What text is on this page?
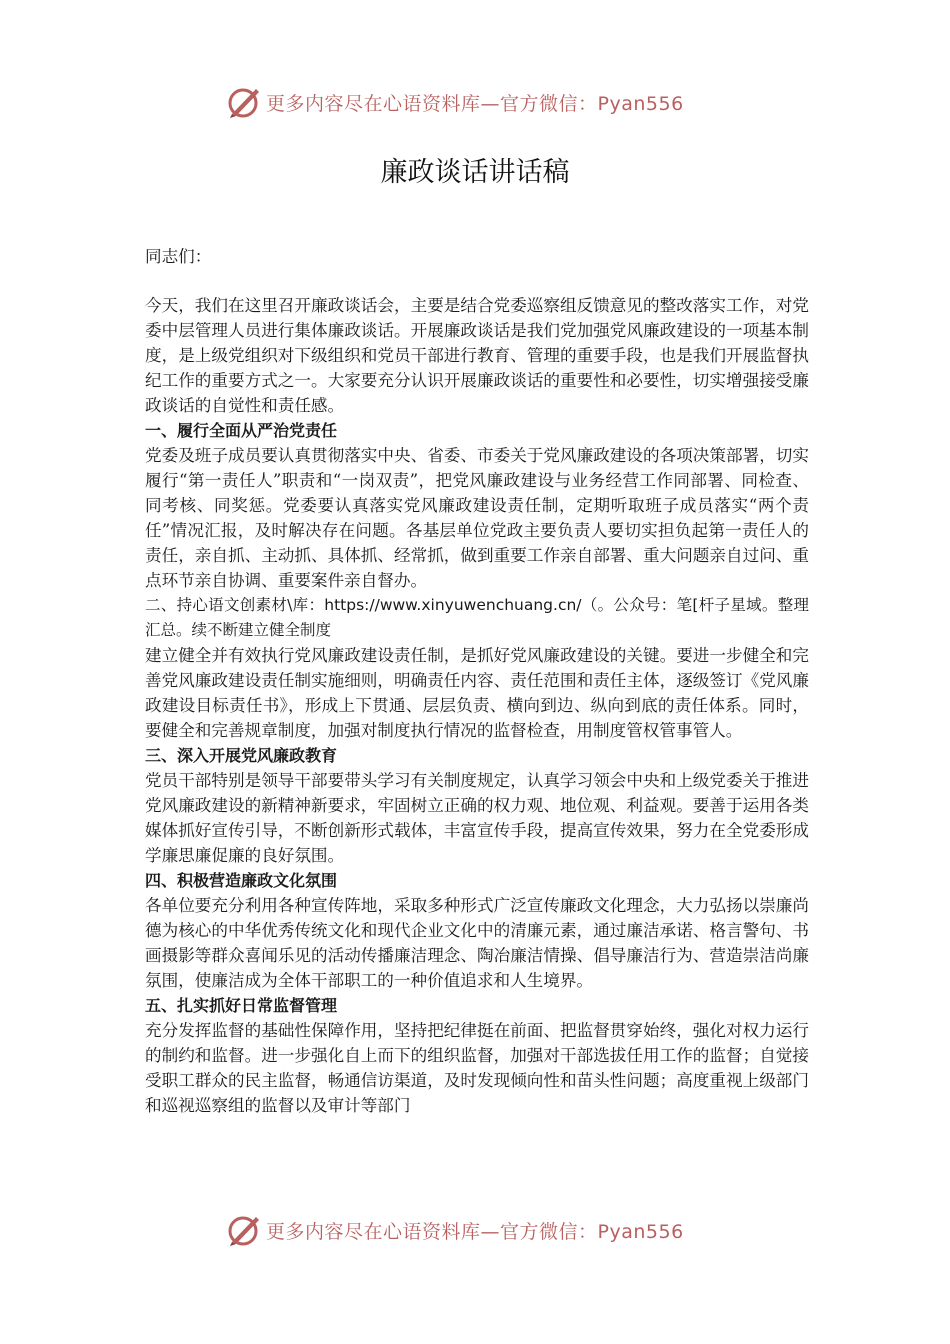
更多内容尽在心语资料库—官方微信：Pyan556
廉政谈话讲话稿

同志们：

今天，我们在这里召开廉政谈话会，主要是结合党委巡察组反馈意见的整改落实工作，对党委中层管理人员进行集体廉政谈话。开展廉政谈话是我们党加强党风廉政建设的一项基本制度，是上级党组织对下级组织和党员干部进行教育、管理的重要手段，也是我们开展监督执纪工作的重要方式之一。大家要充分认识开展廉政谈话的重要性和必要性，切实增强接受廉政谈话的自觉性和责任感。

一、履行全面从严治党责任

党委及班子成员要认真贯彻落实中央、省委、市委关于党风廉政建设的各项决策部署，切实履行“第一责任人”职责和“一岗双责”，把党风廉政建设与业务经营工作同部署、同检查、同考核、同奖惩。党委要认真落实党风廉政建设责任制，定期听取班子成员落实“两个责任”情况汇报，及时解决存在问题。各基层单位党政主要负责人要切实担负起第一责任人的责任，亲自抓、主动抓、具体抓、经常抓，做到重要工作亲自部署、重大问题亲自过问、重点环节亲自协调、重要案件亲自督办。

二、持心语文创素材\库：https://www.xinyuwenchuang.cn/（。公众号：笔[杆子星域。整理汇总。续不断建立健全制度

建立健全并有效执行党风廉政建设责任制，是抓好党风廉政建设的关键。要进一步健全和完善党风廉政建设责任制实施细则，明确责任内容、责任范围和责任主体，逐级签订《党风廉政建设目标责任书》，形成上下贯通、层层负责、横向到边、纵向到底的责任体系。同时，要健全和完善规章制度，加强对制度执行情况的监督检查，用制度管权管事管人。

三、深入开展党风廉政教育

党员干部特别是领导干部要带头学习有关制度规定，认真学习领会中央和上级党委关于推进党风廉政建设的新精神新要求，牢固树立正确的权力观、地位观、利益观。要善于运用各类媒体抓好宣传引导，不断创新形式载体，丰富宣传手段，提高宣传效果，努力在全党委形成学廉思廉促廉的良好氛围。

四、积极营造廉政文化氛围

各单位要充分利用各种宣传阵地，采取多种形式广泛宣传廉政文化理念，大力弘扬以崇廉尚德为核心的中华优秀传统文化和现代企业文化中的清廉元素，通过廉洁承诺、格言警句、书画摄影等群众喜闻乐见的活动传播廉洁理念、陶冶廉洁情操、倡导廉洁行为、营造崇洁尚廉氛围，使廉洁成为全体干部职工的一种价值追求和人生境界。

五、扎实抓好日常监督管理

充分发挥监督的基础性保障作用，坚持把纪律挺在前面、把监督贯穿始终，强化对权力运行的制约和监督。进一步强化自上而下的组织监督，加强对干部选拔任用工作的监督；自觉接受职工群众的民主监督，畅通信访渠道，及时发现倾向性和苗头性问题；高度重视上级部门和巡视巡察组的监督以及审计等部门

更多内容尽在心语资料库—官方微信：Pyan556
